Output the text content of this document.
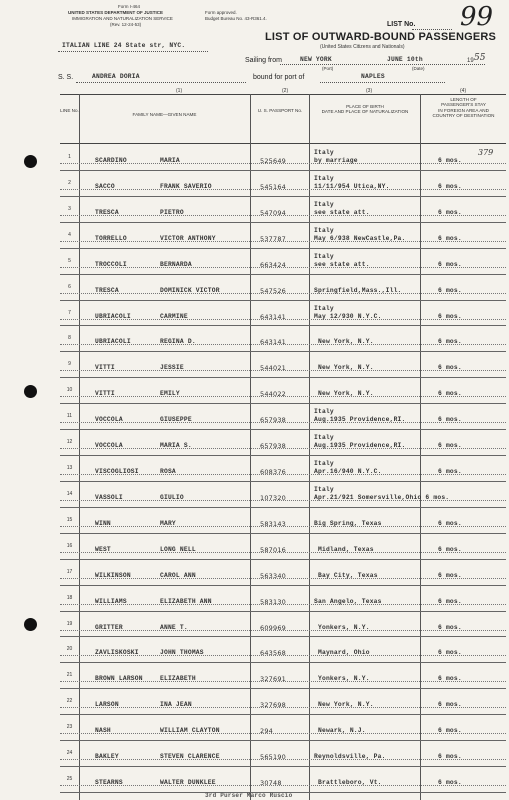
Form I-464
UNITED STATES DEPARTMENT OF JUSTICE
IMMIGRATION AND NATURALIZATION SERVICE
(Rev. 12-24-53)
Form approved.
Budget Bureau No. 43-R361.4.
LIST No. 99
LIST OF OUTWARD-BOUND PASSENGERS
(United States Citizens and Nationals)
ITALIAN LINE 24 State str, NYC.
Sailing from	NEW YORK	JUNE 10th	19 55
(Port)	(Date)
S. S.	ANDREA DORIA	bound for port of	NAPLES
(1)	(2)	(3)	(4)
LINE No.
FAMILY NAME—GIVEN NAME
U. S. PASSPORT No.
PLACE OF BIRTH
DATE AND PLACE OF NATURALIZATION
LENGTH OF
PASSENGER'S STAY
IN FOREIGN AREA AND
COUNTRY OF DESTINATION
1	SCARDINO	MARIA	525649
Italy
by marriage	6 mos.
379
2	SACCO	FRANK SAVERIO	545164
Italy
11/11/954 Utica,NY.	6 mos.
3	TRESCA	PIETRO	547094
Italy
see state att.	6 mos.
4	TORRELLO	VICTOR ANTHONY	537787
Italy
May 6/938 NewCastle,Pa.	6 mos.
5	TROCCOLI	BERNARDA	663424
Italy
see state att.	6 mos.
6	TRESCA	DOMINICK VICTOR	547526	Springfield,Mass.,Ill.	6 mos.
7	UBRIACOLI	CARMINE	643141
Italy
May 12/930 N.Y.C.	6 mos.
8	UBRIACOLI	REGINA D.	643141	New York, N.Y.	6 mos.
9	VITTI	JESSIE	544021	New York, N.Y.	6 mos.
10	VITTI	EMILY	544022	New York, N.Y.	6 mos.
11	VOCCOLA	GIUSEPPE	657938
Italy
Aug.1935 Providence,RI.	6 mos.
12	VOCCOLA	MARIA S.	657938
Italy
Aug.1935 Providence,RI.	6 mos.
13	VISCOGLIOSI	ROSA	608376
Italy
Apr.16/940 N.Y.C.	6 mos.
14	VASSOLI	GIULIO	107320
Italy
Apr.21/921 Somersville,Ohio 6 mos.
15	WINN	MARY	583143	Big Spring, Texas	6 mos.
16	WEST	LONG NELL	587016	Midland, Texas	6 mos.
17	WILKINSON	CAROL ANN	563340	Bay City, Texas	6 mos.
18	WILLIAMS	ELIZABETH ANN	583130	San Angelo, Texas	6 mos.
19	GRITTER	ANNE T.	609969	Yonkers, N.Y.	6 mos.
20	ZAVLISKOSKI	JOHN THOMAS	643568	Maynard, Ohio	6 mos.
21	BROWN LARSON	ELIZABETH	327691	Yonkers, N.Y.	6 mos.
22	LARSON	INA JEAN	327698	New York, N.Y.	6 mos.
23	NASH	WILLIAM CLAYTON	294	Newark, N.J.	6 mos.
24	BAKLEY	STEVEN CLARENCE	565190	Reynoldsville, Pa.	6 mos.
25	STEARNS	WALTER DUNKLEE	30748	Brattleboro, Vt.	6 mos.
3rd Purser Marco Ruscio
